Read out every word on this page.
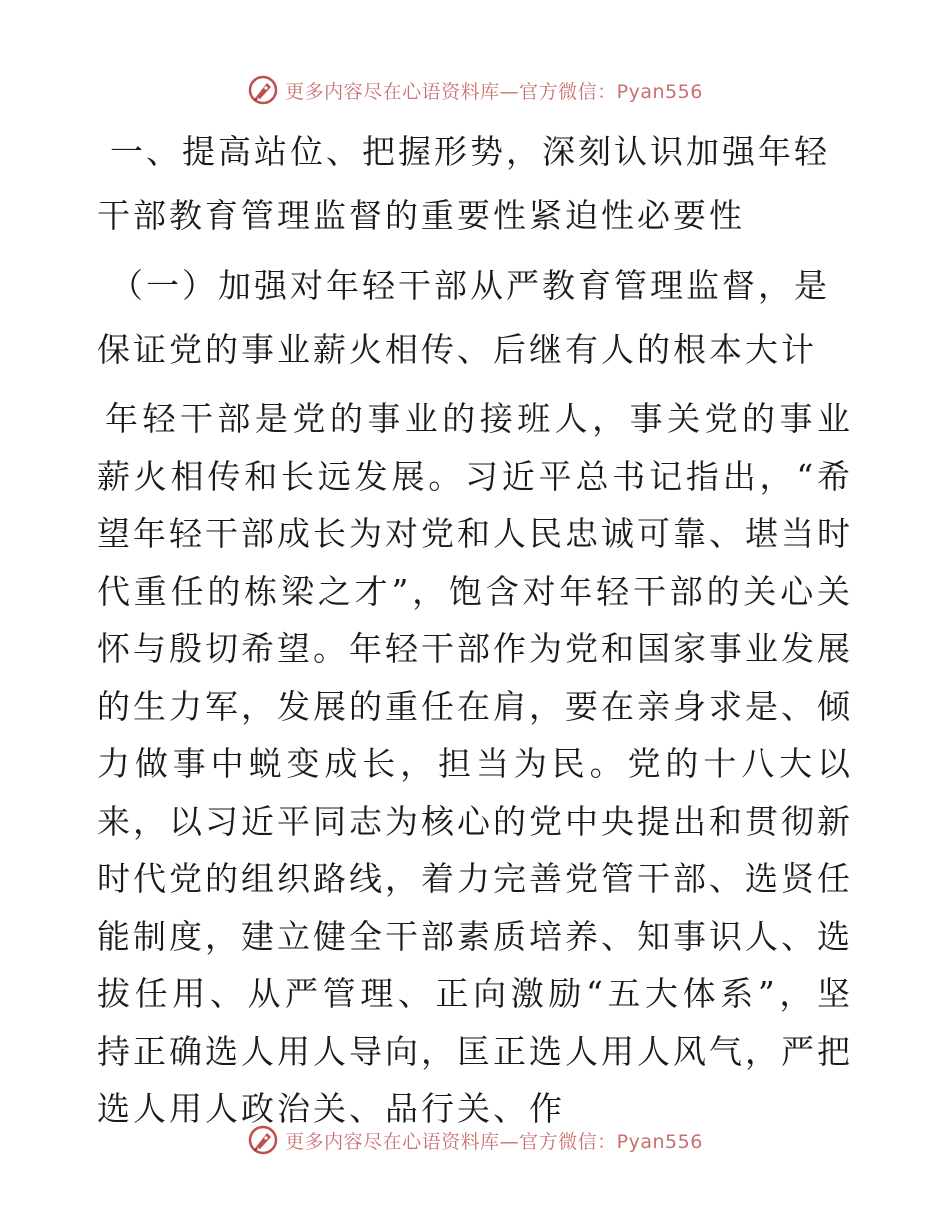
更多内容尽在心语资料库—官方微信：Pyan556
一、提高站位、把握形势，深刻认识加强年轻干部教育管理监督的重要性紧迫性必要性
（一）加强对年轻干部从严教育管理监督，是保证党的事业薪火相传、后继有人的根本大计

年轻干部是党的事业的接班人，事关党的事业薪火相传和长远发展。习近平总书记指出，“希望年轻干部成长为对党和人民忠诚可靠、堪当时代重任的栋梁之才”，饱含对年轻干部的关心关怀与殷切希望。年轻干部作为党和国家事业发展的生力军，发展的重任在肩，要在亲身求是、倾力做事中蜕变成长，担当为民。党的十八大以来，以习近平同志为核心的党中央提出和贯彻新时代党的组织路线，着力完善党管干部、选贤任能制度，建立健全干部素质培养、知事识人、选拔任用、从严管理、正向激励“五大体系”，坚持正确选人用人导向，匡正选人用人风气，严把选人用人政治关、品行关、作

更多内容尽在心语资料库—官方微信：Pyan556
